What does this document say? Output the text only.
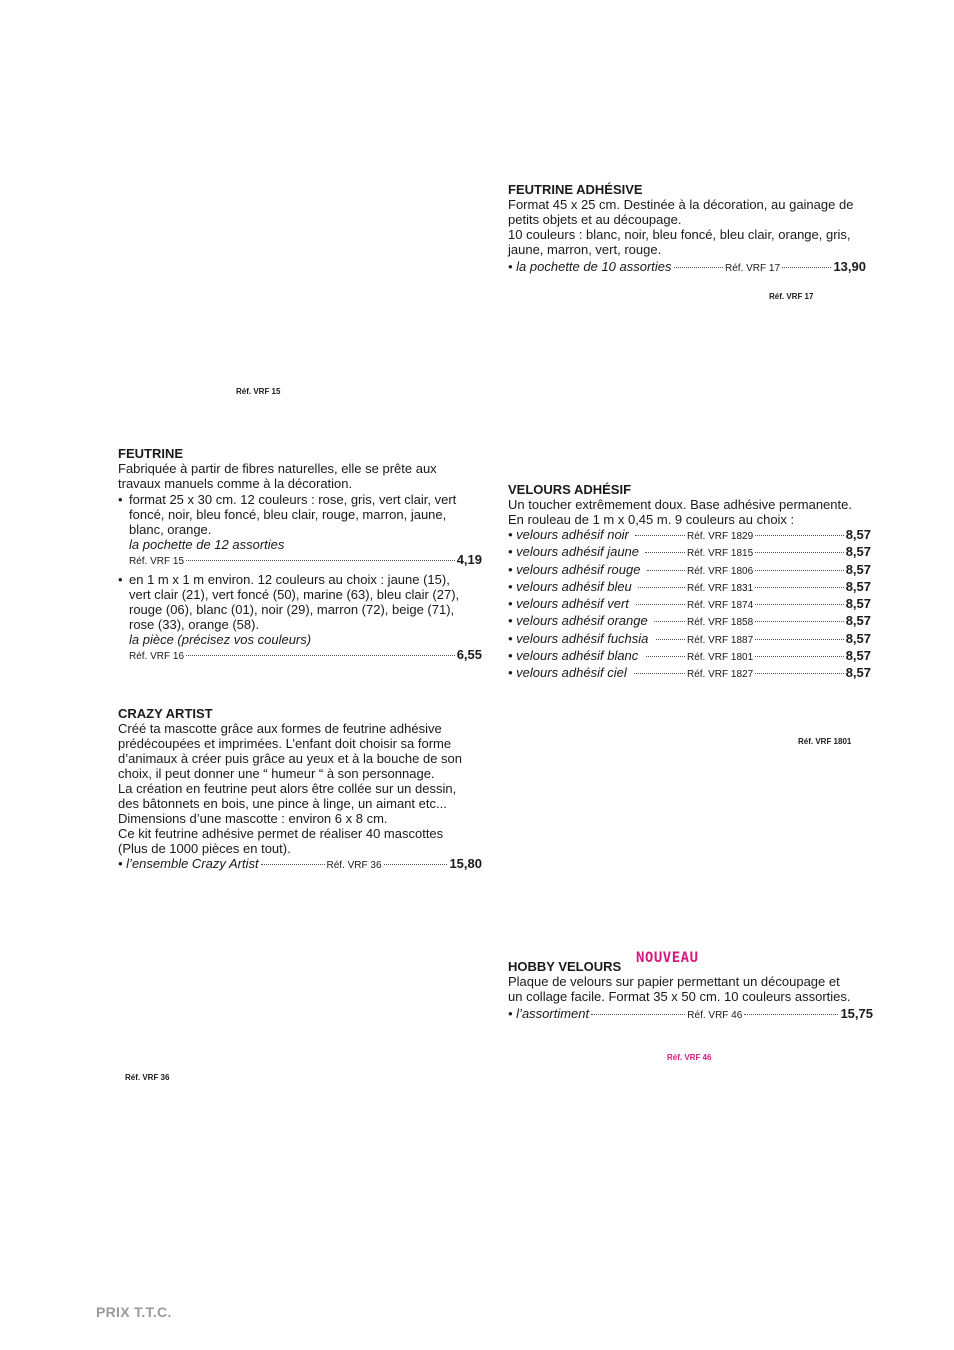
FEUTRINE ADHÉSIVE

Format 45 x 25 cm. Destinée à la décoration, au gainage de

petits objets et au découpage.

10 couleurs : blanc, noir, bleu foncé, bleu clair, orange, gris,

jaune, marron, vert, rouge.

• la pochette de 10 assorties	Réf. VRF 17	13,90
Réf. VRF 17
Réf. VRF 15
FEUTRINE

Fabriquée à partir de fibres naturelles, elle se prête aux

travaux manuels comme à la décoration.

• format 25 x 30 cm. 12 couleurs : rose, gris, vert clair, vert
foncé, noir, bleu foncé, bleu clair, rouge, marron, jaune,
blanc, orange.
la pochette de 12 assorties
Réf. VRF 15	4,19
• en 1 m x 1 m environ. 12 couleurs au choix : jaune (15),
vert clair (21), vert foncé (50), marine (63), bleu clair (27),
rouge (06), blanc (01), noir (29), marron (72), beige (71),
rose (33), orange (58).
la pièce (précisez vos couleurs)
Réf. VRF 16	6,55
VELOURS ADHÉSIF

Un toucher extrêmement doux. Base adhésive permanente.

En rouleau de 1 m x 0,45 m. 9 couleurs au choix :

• velours adhésif noir	Réf. VRF 1829	8,57
• velours adhésif jaune	Réf. VRF 1815	8,57
• velours adhésif rouge	Réf. VRF 1806	8,57
• velours adhésif bleu	Réf. VRF 1831	8,57
• velours adhésif vert	Réf. VRF 1874	8,57
• velours adhésif orange	Réf. VRF 1858	8,57
• velours adhésif fuchsia	Réf. VRF 1887	8,57
• velours adhésif blanc	Réf. VRF 1801	8,57
• velours adhésif ciel	Réf. VRF 1827	8,57
Réf. VRF 1801
CRAZY ARTIST

Créé ta mascotte grâce aux formes de feutrine adhésive

prédécoupées et imprimées. L’enfant doit choisir sa forme

d’animaux à créer puis grâce au yeux et à la bouche de son

choix, il peut donner une “ humeur “ à son personnage.

La création en feutrine peut alors être collée sur un dessin,

des bâtonnets en bois, une pince à linge, un aimant etc...

Dimensions d’une mascotte : environ 6 x 8 cm.

Ce kit feutrine adhésive permet de réaliser 40 mascottes

(Plus de 1000 pièces en tout).

• l’ensemble Crazy Artist	Réf. VRF 36	15,80
NOUVEAU
HOBBY VELOURS

Plaque de velours sur papier permettant un découpage et

un collage facile. Format 35 x 50 cm. 10 couleurs assorties.

• l’assortiment	Réf. VRF 46	15,75
Réf. VRF 46
Réf. VRF 36
PRIX T.T.C.
